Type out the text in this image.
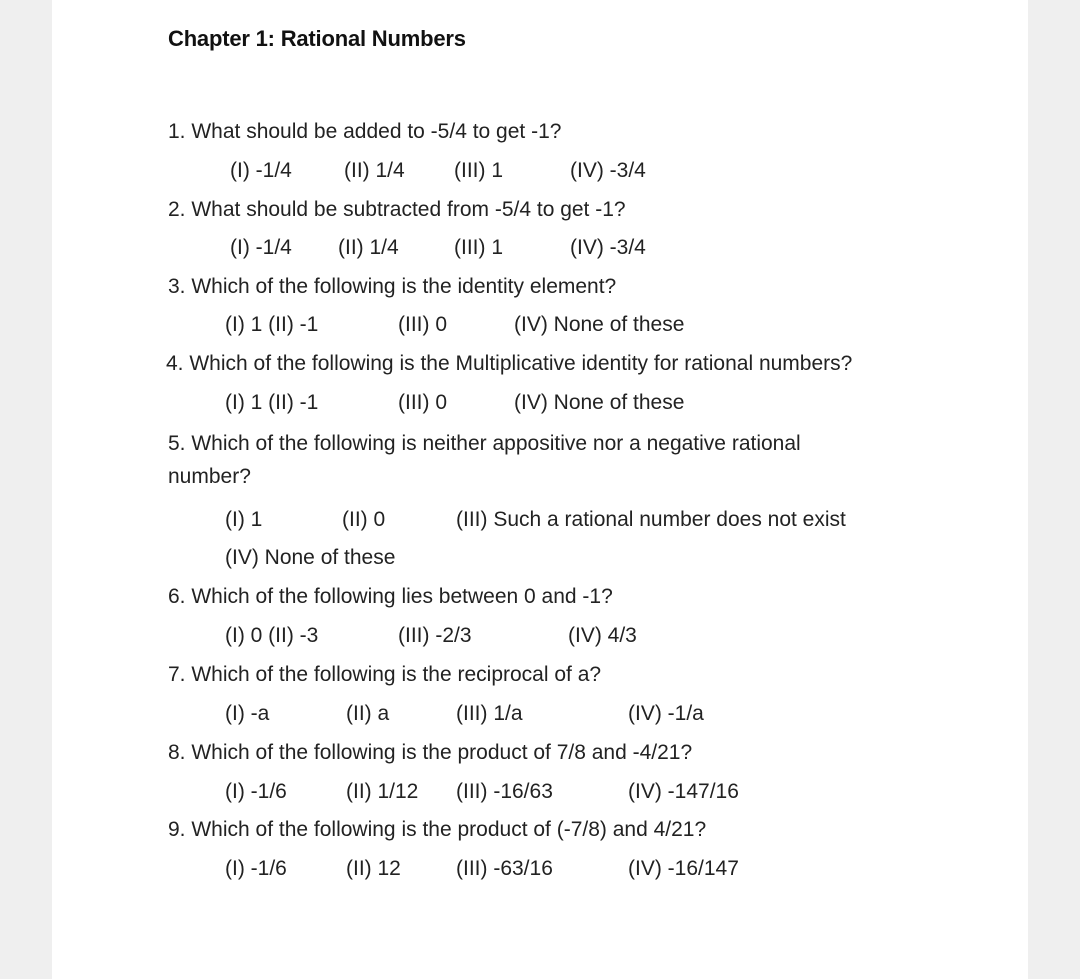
Chapter 1: Rational Numbers
1. What should be added to -5/4 to get -1?
(I) -1/4 (II) 1/4 (III) 1	(IV) -3/4
2. What should be subtracted from -5/4 to get -1?
(I) -1/4 (II) 1/4	(III) 1	(IV) -3/4
3. Which of the following is the identity element?
(I) 1 (II) -1	(III) 0	(IV) None of these
4. Which of the following is the Multiplicative identity for rational numbers?
(I) 1 (II) -1	(III) 0	(IV) None of these
5. Which of the following is neither appositive nor a negative rational
number?
(I) 1	(II) 0	(III) Such a rational number does not exist
(IV) None of these
6. Which of the following lies between 0 and -1?
(I) 0 (II) -3	(III) -2/3	(IV) 4/3
7. Which of the following is the reciprocal of a?
(I) -a	(II) a	(III) 1/a	(IV) -1/a
8. Which of the following is the product of 7/8 and -4/21?
(I) -1/6	(II) 1/12 (III) -16/63	(IV) -147/16
9. Which of the following is the product of (-7/8) and 4/21?
(I) -1/6	(II) 12	(III) -63/16	(IV) -16/147
